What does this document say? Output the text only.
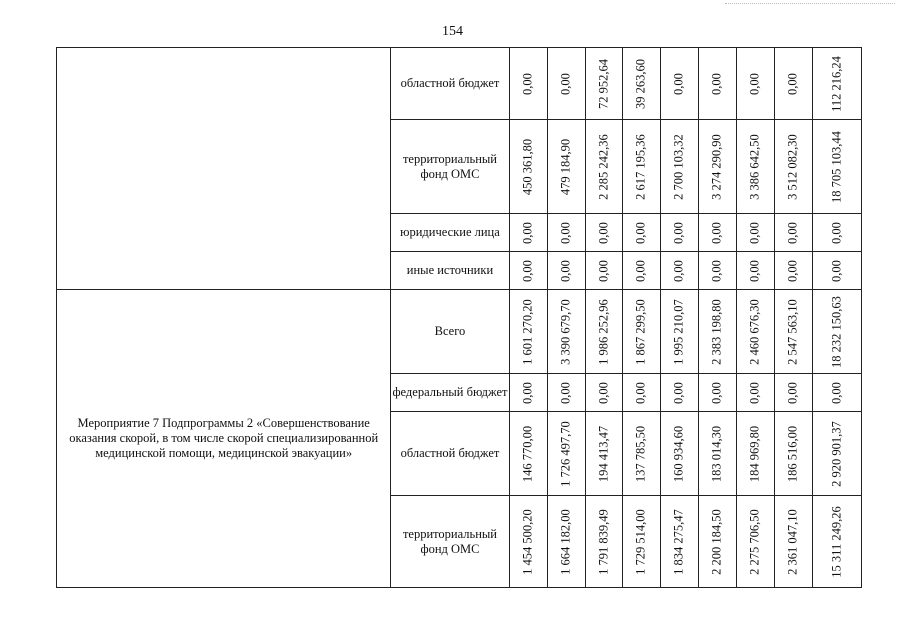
154
	областной бюджет	0,00	0,00	72 952,64	39 263,60	0,00	0,00	0,00	0,00	112 216,24

	территориальный фонд ОМС	450 361,80	479 184,90	2 285 242,36	2 617 195,36	2 700 103,32	3 274 290,90	3 386 642,50	3 512 082,30	18 705 103,44

	юридические лица	0,00	0,00	0,00	0,00	0,00	0,00	0,00	0,00	0,00

	иные источники	0,00	0,00	0,00	0,00	0,00	0,00	0,00	0,00	0,00

Мероприятие 7 Подпрограммы 2 «Совершенствование оказания скорой, в том числе скорой специализированной медицинской помощи, медицинской эвакуации»	Всего	1 601 270,20	3 390 679,70	1 986 252,96	1 867 299,50	1 995 210,07	2 383 198,80	2 460 676,30	2 547 563,10	18 232 150,63

	федеральный бюджет	0,00	0,00	0,00	0,00	0,00	0,00	0,00	0,00	0,00

	областной бюджет	146 770,00	1 726 497,70	194 413,47	137 785,50	160 934,60	183 014,30	184 969,80	186 516,00	2 920 901,37

	территориальный фонд ОМС	1 454 500,20	1 664 182,00	1 791 839,49	1 729 514,00	1 834 275,47	2 200 184,50	2 275 706,50	2 361 047,10	15 311 249,26
